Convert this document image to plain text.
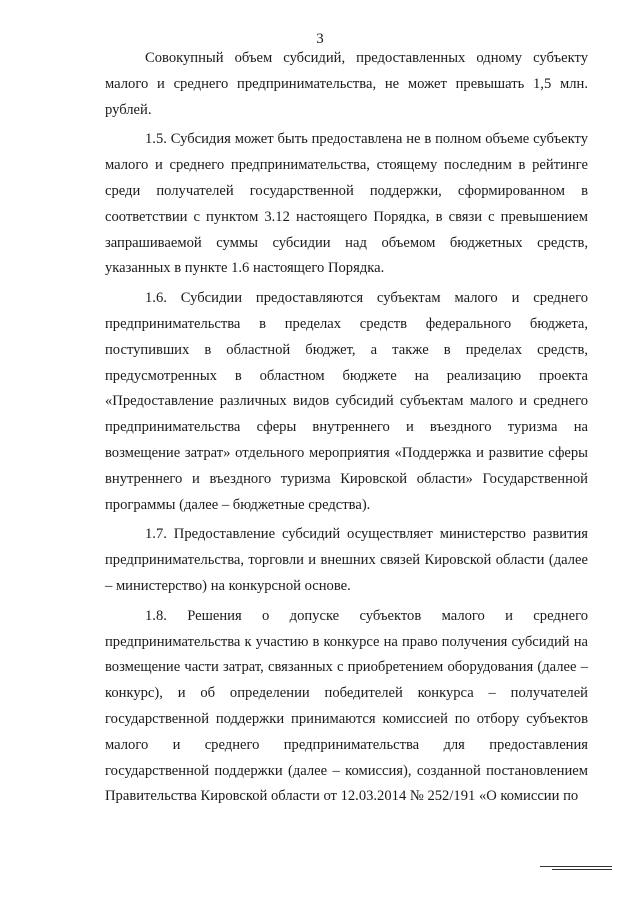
3

Совокупный объем субсидий, предоставленных одному субъекту малого и среднего предпринимательства, не может превышать 1,5 млн. рублей.

1.5. Субсидия может быть предоставлена не в полном объеме субъекту малого и среднего предпринимательства, стоящему последним в рейтинге среди получателей государственной поддержки, сформированном в соответствии с пунктом 3.12 настоящего Порядка, в связи с превышением запрашиваемой суммы субсидии над объемом бюджетных средств, указанных в пункте 1.6 настоящего Порядка.

1.6. Субсидии предоставляются субъектам малого и среднего предпринимательства в пределах средств федерального бюджета, поступивших в областной бюджет, а также в пределах средств, предусмотренных в областном бюджете на реализацию проекта «Предоставление различных видов субсидий субъектам малого и среднего предпринимательства сферы внутреннего и въездного туризма на возмещение затрат» отдельного мероприятия «Поддержка и развитие сферы внутреннего и въездного туризма Кировской области» Государственной программы (далее – бюджетные средства).

1.7. Предоставление субсидий осуществляет министерство развития предпринимательства, торговли и внешних связей Кировской области (далее – министерство) на конкурсной основе.

1.8. Решения о допуске субъектов малого и среднего предпринимательства к участию в конкурсе на право получения субсидий на возмещение части затрат, связанных с приобретением оборудования (далее – конкурс), и об определении победителей конкурса – получателей государственной поддержки принимаются комиссией по отбору субъектов малого и среднего предпринимательства для предоставления государственной поддержки (далее – комиссия), созданной постановлением Правительства Кировской области от 12.03.2014 № 252/191 «О комиссии по
